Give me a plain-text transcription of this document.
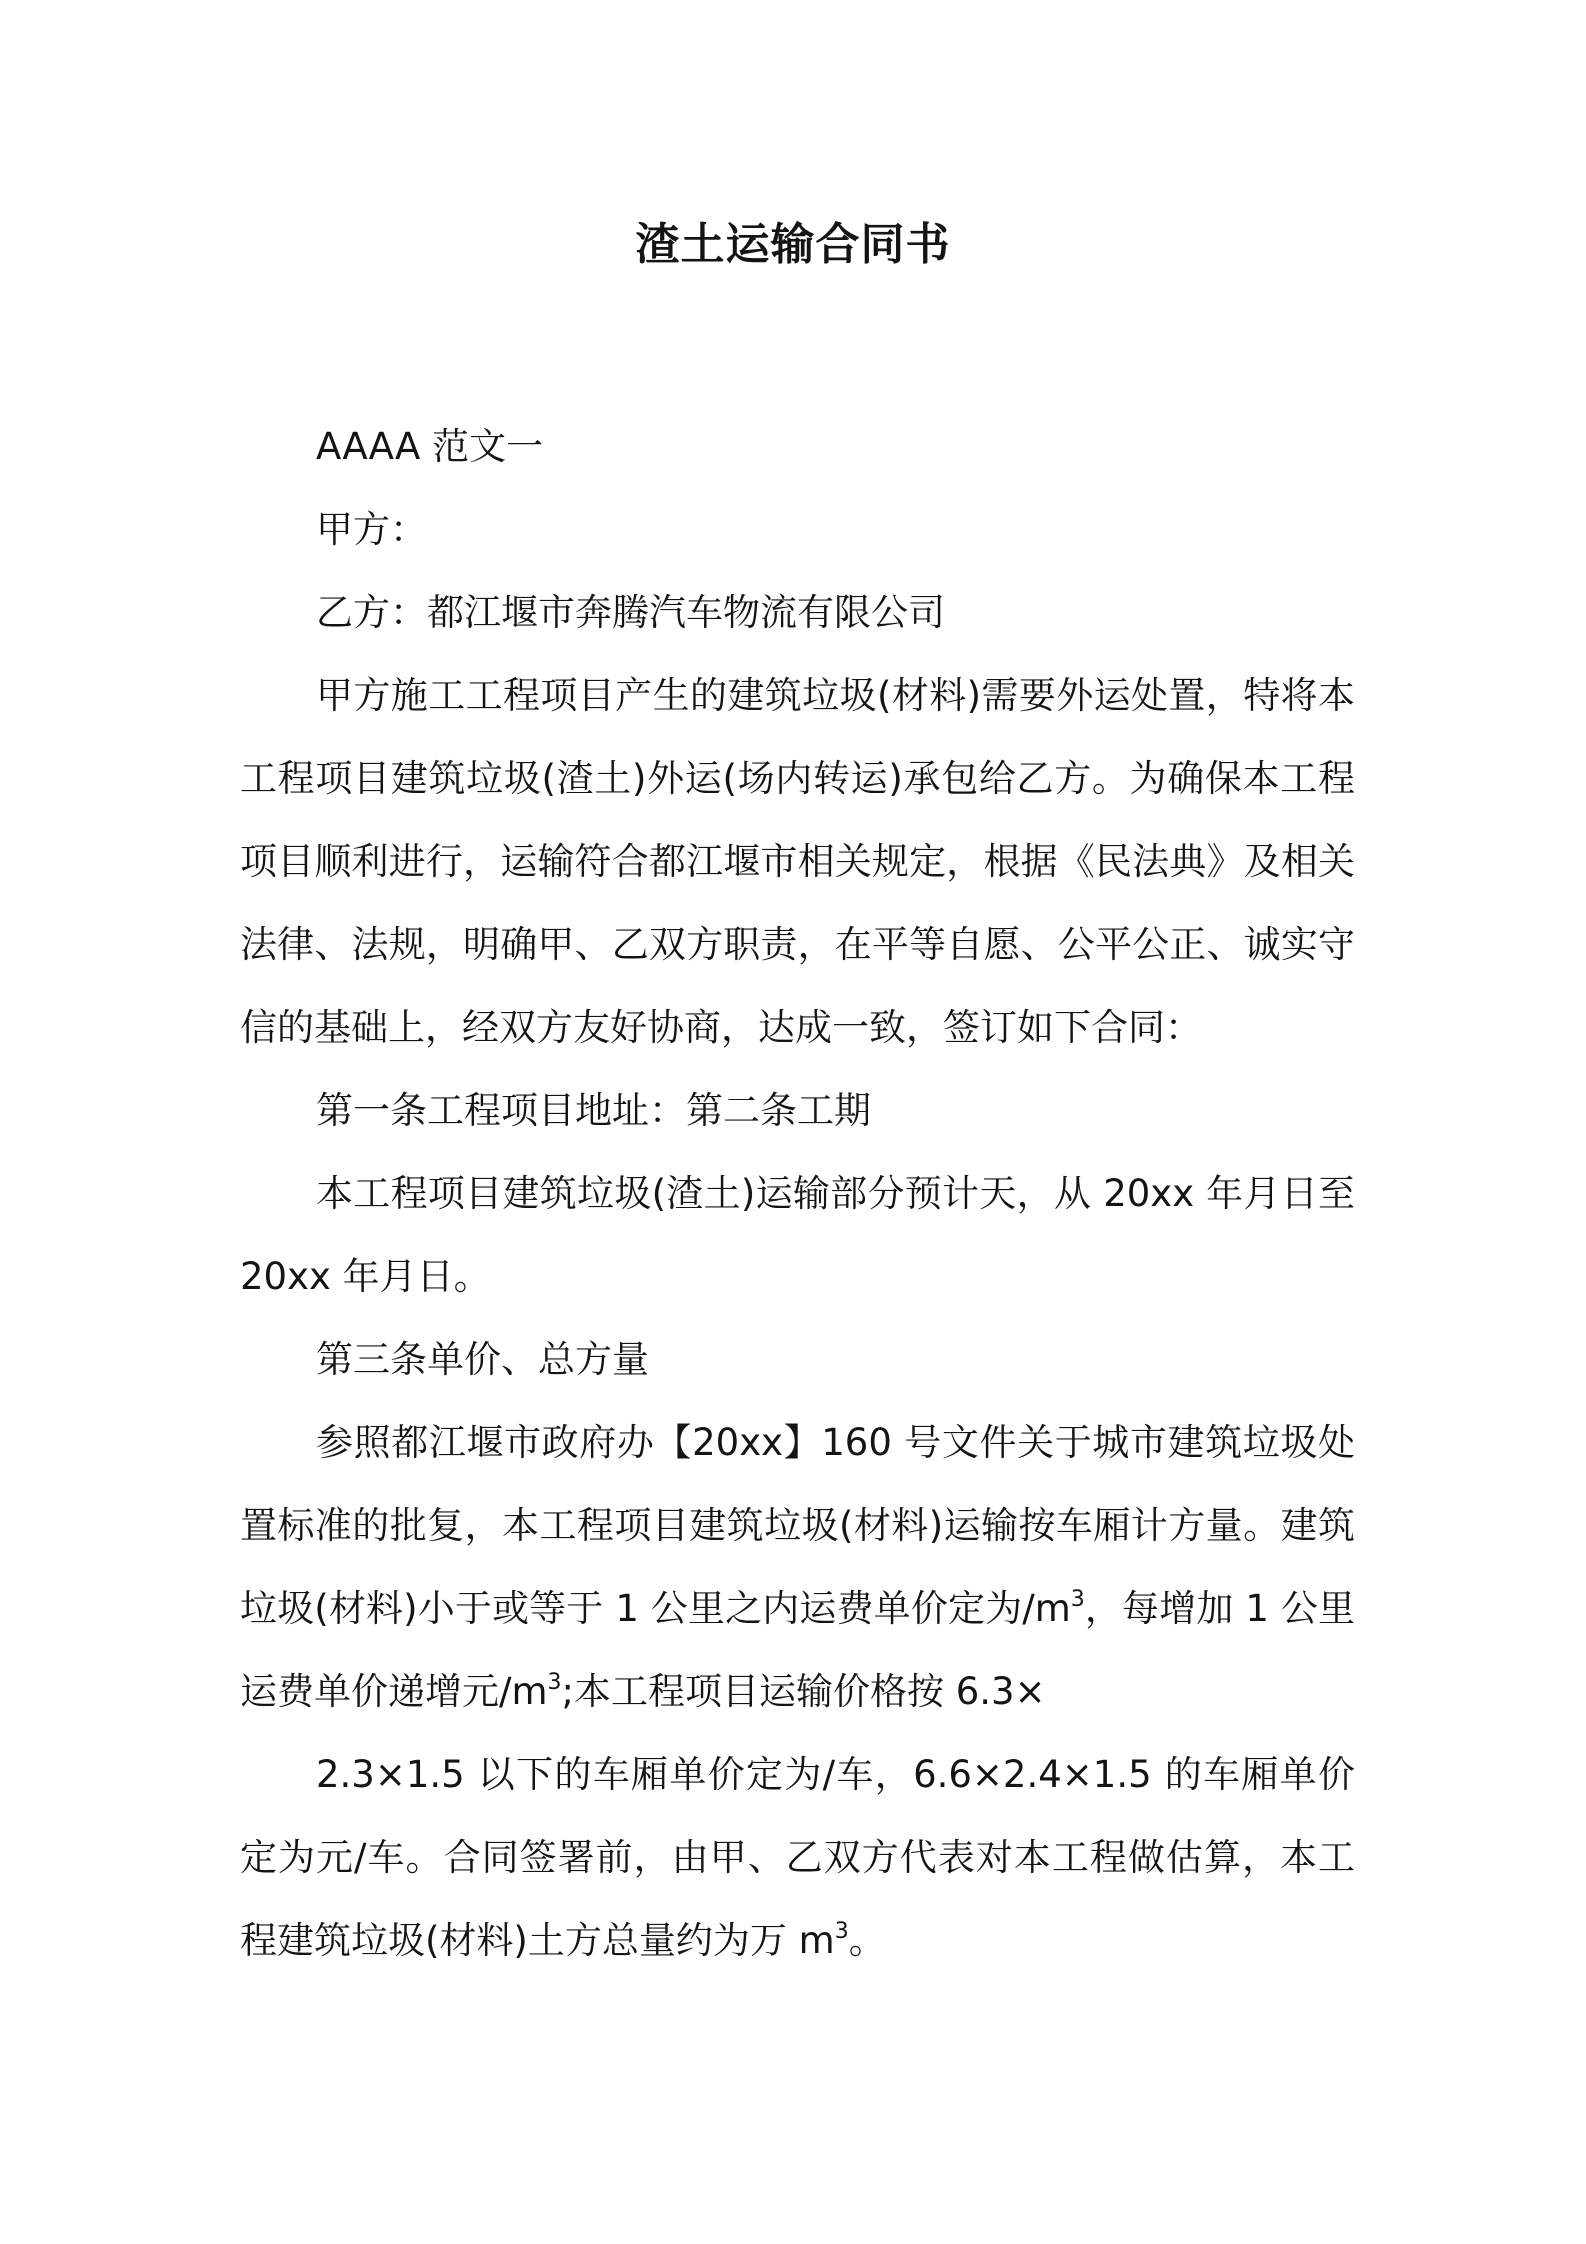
渣土运输合同书

AAAA 范文一

甲方：

乙方：都江堰市奔腾汽车物流有限公司

甲方施工工程项目产生的建筑垃圾(材料)需要外运处置，特将本工程项目建筑垃圾(渣土)外运(场内转运)承包给乙方。为确保本工程项目顺利进行，运输符合都江堰市相关规定，根据《民法典》及相关法律、法规，明确甲、乙双方职责，在平等自愿、公平公正、诚实守信的基础上，经双方友好协商，达成一致，签订如下合同：

第一条工程项目地址：第二条工期

本工程项目建筑垃圾(渣土)运输部分预计天，从 20xx 年月日至 20xx 年月日。

第三条单价、总方量

参照都江堰市政府办【20xx】160 号文件关于城市建筑垃圾处置标准的批复，本工程项目建筑垃圾(材料)运输按车厢计方量。建筑垃圾(材料)小于或等于 1 公里之内运费单价定为$/m^3$，每增加 1 公里运费单价递增元$/m^3$;本工程项目运输价格按 6.3×

2.3×1.5 以下的车厢单价定为/车，6.6×2.4×1.5 的车厢单价定为元/车。合同签署前，由甲、乙双方代表对本工程做估算，本工程建筑垃圾(材料)土方总量约为万 $m^3$。
